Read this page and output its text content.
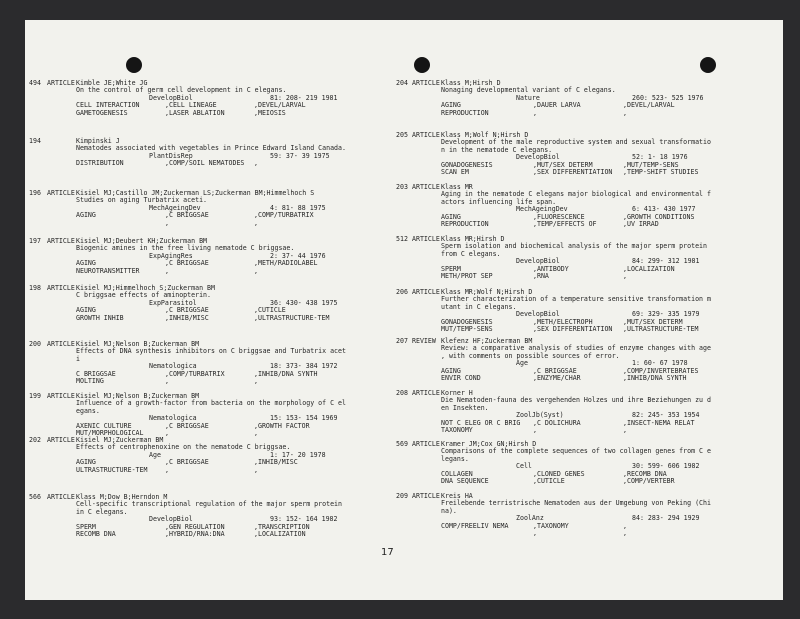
494 ARTICLE Kimble JE;White JG
On the control of germ cell development in C elegans.
DevelopBiol	81: 208- 219 1981
CELL INTERACTION	,CELL LINEAGE	,DEVEL/LARVAL
GAMETOGENESIS	,LASER ABLATION	,MEIOSIS
194	Kimpinski J
Nematodes associated with vegetables in Prince Edward Island Canada.
PlantDisRep	59: 37- 39 1975
DISTRIBUTION	,COMP/SOIL NEMATODES ,
196 ARTICLE Kisiel MJ;Castillo JM;Zuckerman LS;Zuckerman BM;Himmelhoch S
Studies on aging Turbatrix aceti.
MechAgeingDev	4: 81- 88 1975
AGING	,C BRIGGSAE	,COMP/TURBATRIX
,	,
197 ARTICLE Kisiel MJ;Deubert KH;Zuckerman BM
Biogenic amines in the free living nematode C briggsae.
ExpAgingRes	2: 37- 44 1976
AGING	,C BRIGGSAE	,METH/RADIOLABEL
NEUROTRANSMITTER	,	,
198 ARTICLE Kisiel MJ;Himmelhoch S;Zuckerman BM
C briggsae effects of aminopterin.
ExpParasitol	36: 430- 438 1975
AGING	,C BRIGGSAE	,CUTICLE
GROWTH INHIB	,INHIB/MISC	,ULTRASTRUCTURE-TEM
200 ARTICLE Kisiel MJ;Nelson B;Zuckerman BM
Effects of DNA synthesis inhibitors on C briggsae and Turbatrix acet
i
Nematologica	18: 373- 384 1972
C BRIGGSAE	,COMP/TURBATRIX	,INHIB/DNA SYNTH
MOLTING	,	,
199 ARTICLE Kisiel MJ;Nelson B;Zuckerman BM
Influence of a growth-factor from bacteria on the morphology of C el
egans.
Nematologica	15: 153- 154 1969
AXENIC CULTURE	,C BRIGGSAE	,GROWTH FACTOR
MUT/MORPHOLOGICAL	,	,
202 ARTICLE Kisiel MJ;Zuckerman BM
Effects of centrophenoxine on the nematode C briggsae.
Age	1: 17- 20 1978
AGING	,C BRIGGSAE	,INHIB/MISC
ULTRASTRUCTURE-TEM	,	,
566 ARTICLE Klass M;Dow B;Herndon M
Cell-specific transcriptional regulation of the major sperm protein
in C elegans.
DevelopBiol	93: 152- 164 1982
SPERM	,GEN REGULATION	,TRANSCRIPTION
RECOMB DNA	,HYBRID/RNA:DNA	,LOCALIZATION
204 ARTICLE Klass M;Hirsh D
Nonaging developmental variant of C elegans.
Nature	260: 523- 525 1976
AGING	,DAUER LARVA	,DEVEL/LARVAL
REPRODUCTION	,	,
205 ARTICLE Klass M;Wolf N;Hirsh D
Development of the male reproductive system and sexual transformatio
n in the nematode C elegans.
DevelopBiol	52: 1- 18 1976
GONADOGENESIS	,MUT/SEX DETERM	,MUT/TEMP-SENS
SCAN EM	,SEX DIFFERENTIATION ,TEMP-SHIFT STUDIES
203 ARTICLE Klass MR
Aging in the nematode C elegans major biological and environmental f
actors influencing life span.
MechAgeingDev	6: 413- 430 1977
AGING	,FLUORESCENCE	,GROWTH CONDITIONS
REPRODUCTION	,TEMP/EFFECTS OF	,UV IRRAD
512 ARTICLE Klass MR;Hirsh D
Sperm isolation and biochemical analysis of the major sperm protein
from C elegans.
DevelopBiol	84: 299- 312 1981
SPERM	,ANTIBODY	,LOCALIZATION
METH/PROT SEP	,RNA	,
206 ARTICLE Klass MR;Wolf N;Hirsh D
Further characterization of a temperature sensitive transformation m
utant in C elegans.
DevelopBiol	69: 329- 335 1979
GONADOGENESIS	,METH/ELECTROPH	,MUT/SEX DETERM
MUT/TEMP-SENS	,SEX DIFFERENTIATION ,ULTRASTRUCTURE-TEM
207 REVIEW Klefenz HF;Zuckerman BM
Review: a comparative analysis of studies of enzyme changes with age
, with comments on possible sources of error.
Age	1: 60- 67 1978
AGING	,C BRIGGSAE	,COMP/INVERTEBRATES
ENVIR COND	,ENZYME/CHAR	,INHIB/DNA SYNTH
208 ARTICLE Korner H
Die Nematoden-fauna des vergehenden Holzes und ihre Beziehungen zu d
en Insekten.
ZoolJb(Syst)	82: 245- 353 1954
NOT C ELEG OR C BRIG ,C DOLICHURA	,INSECT-NEMA RELAT
TAXONOMY	,	,
569 ARTICLE Kramer JM;Cox GN;Hirsh D
Comparisons of the complete sequences of two collagen genes from C e
legans.
Cell	30: 599- 606 1982
COLLAGEN	,CLONED GENES	,RECOMB DNA
DNA SEQUENCE	,CUTICLE	,COMP/VERTEBR
209 ARTICLE Kreis HA
Freilebende terristrische Nematoden aus der Umgebung von Peking (Chi
na).
ZoolAnz	84: 283- 294 1929
COMP/FREELIV NEMA	,TAXONOMY	,
,	,
17
